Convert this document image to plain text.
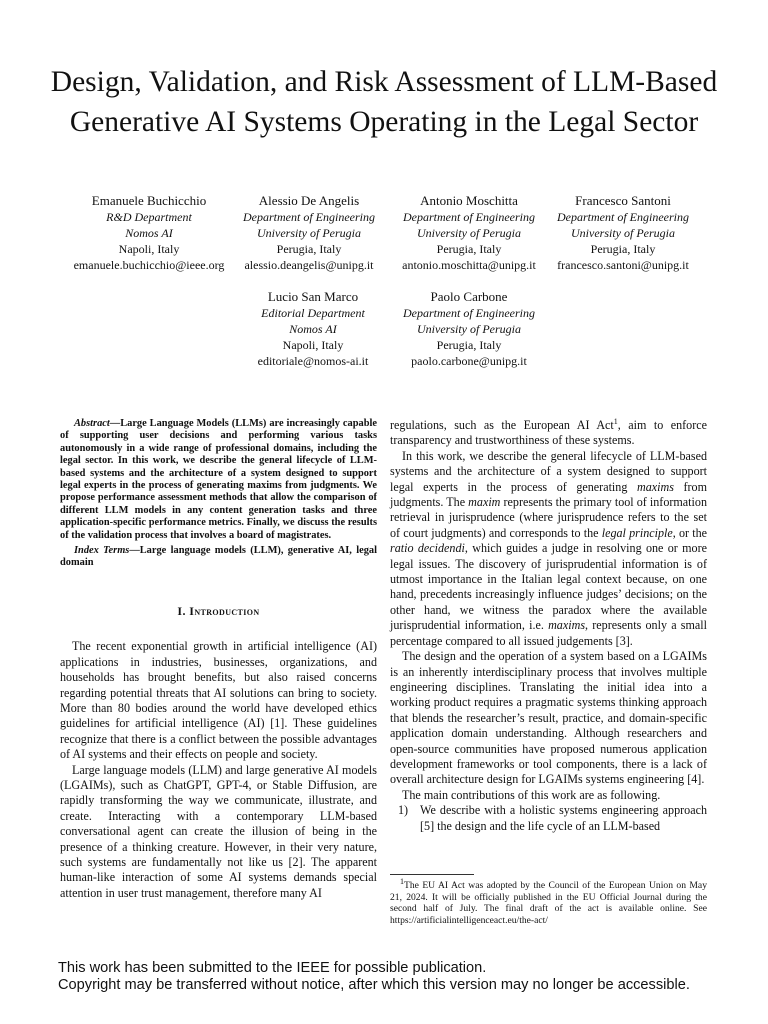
Design, Validation, and Risk Assessment of LLM-Based Generative AI Systems Operating in the Legal Sector
Emanuele Buchicchio
R&D Department
Nomos AI
Napoli, Italy
emanuele.buchicchio@ieee.org
Alessio De Angelis
Department of Engineering
University of Perugia
Perugia, Italy
alessio.deangelis@unipg.it
Antonio Moschitta
Department of Engineering
University of Perugia
Perugia, Italy
antonio.moschitta@unipg.it
Francesco Santoni
Department of Engineering
University of Perugia
Perugia, Italy
francesco.santoni@unipg.it
Lucio San Marco
Editorial Department
Nomos AI
Napoli, Italy
editoriale@nomos-ai.it
Paolo Carbone
Department of Engineering
University of Perugia
Perugia, Italy
paolo.carbone@unipg.it

Abstract—Large Language Models (LLMs) are increasingly capable of supporting user decisions and performing various tasks autonomously in a wide range of professional domains, including the legal sector. In this work, we describe the general lifecycle of LLM-based systems and the architecture of a system designed to support legal experts in the process of generating maxims from judgments. We propose performance assessment methods that allow the comparison of different LLM models in any content generation tasks and three application-specific performance metrics. Finally, we discuss the results of the validation process that involves a board of magistrates.

Index Terms—Large language models (LLM), generative AI, legal domain

I. Introduction

The recent exponential growth in artificial intelligence (AI) applications in industries, businesses, organizations, and households has brought benefits, but also raised concerns regarding potential threats that AI solutions can bring to society. More than 80 bodies around the world have developed ethics guidelines for artificial intelligence (AI) [1]. These guidelines recognize that there is a conflict between the possible advantages of AI systems and their effects on people and society.

Large language models (LLM) and large generative AI models (LGAIMs), such as ChatGPT, GPT-4, or Stable Diffusion, are rapidly transforming the way we communicate, illustrate, and create. Interacting with a contemporary LLM-based conversational agent can create the illusion of being in the presence of a thinking creature. However, in their very nature, such systems are fundamentally not like us [2]. The apparent human-like interaction of some AI systems demands special attention in user trust management, therefore many AI

regulations, such as the European AI Act$^1$, aim to enforce transparency and trustworthiness of these systems.

In this work, we describe the general lifecycle of LLM-based systems and the architecture of a system designed to support legal experts in the process of generating maxims from judgments. The maxim represents the primary tool of information retrieval in jurisprudence (where jurisprudence refers to the set of court judgments) and corresponds to the legal principle, or the ratio decidendi, which guides a judge in resolving one or more legal issues. The discovery of jurisprudential information is of utmost importance in the Italian legal context because, on one hand, precedents increasingly influence judges’ decisions; on the other hand, we witness the paradox where the available jurisprudential information, i.e. maxims, represents only a small percentage compared to all issued judgements [3].

The design and the operation of a system based on a LGAIMs is an inherently interdisciplinary process that involves multiple engineering disciplines. Translating the initial idea into a working product requires a pragmatic systems thinking approach that blends the researcher’s result, practice, and domain-specific application domain understanding. Although researchers and open-source communities have proposed numerous application development frameworks or tool components, there is a lack of overall architecture design for LGAIMs systems engineering [4].

The main contributions of this work are as following.

1) We describe with a holistic systems engineering approach [5] the design and the life cycle of an LLM-based

$^1$The EU AI Act was adopted by the Council of the European Union on May 21, 2024. It will be officially published in the EU Official Journal during the second half of July. The final draft of the act is available online. See https://artificialintelligenceact.eu/the-act/

This work has been submitted to the IEEE for possible publication.
Copyright may be transferred without notice, after which this version may no longer be accessible.
